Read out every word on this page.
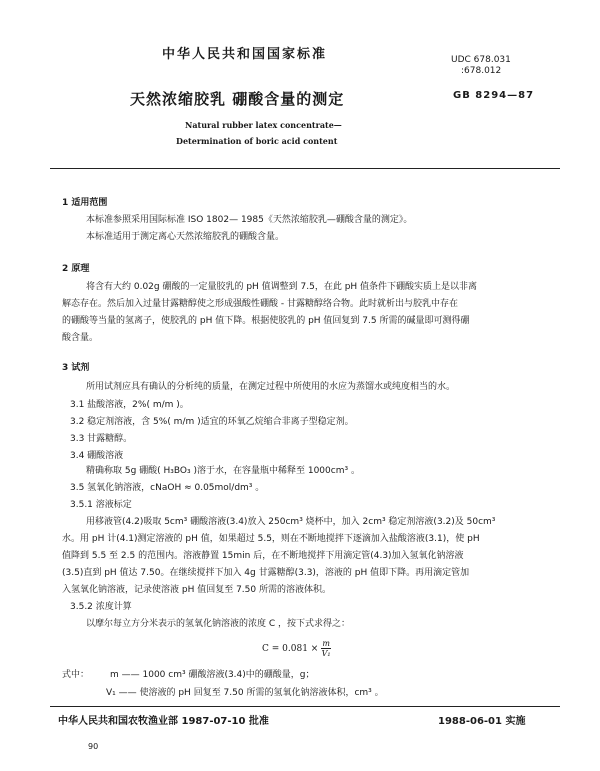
中华人民共和国国家标准	UDC 678.031
:678.012
天然浓缩胶乳 硼酸含量的测定	GB 8294—87
Natural rubber latex concentrate—
Determination of boric acid content
1 适用范围
本标准参照采用国际标准 ISO 1802— 1985《天然浓缩胶乳—硼酸含量的测定》。
本标准适用于测定离心天然浓缩胶乳的硼酸含量。
2 原理
将含有大约 0.02g 硼酸的一定量胶乳的 pH 值调整到 7.5，在此 pH 值条件下硼酸实质上是以非离
解态存在。然后加入过量甘露糖醇使之形成强酸性硼酸 - 甘露糖醇络合物。此时就析出与胶乳中存在
的硼酸等当量的氢离子，使胶乳的 pH 值下降。根据使胶乳的 pH 值回复到 7.5 所需的碱量即可测得硼
酸含量。
3 试剂
所用试剂应具有确认的分析纯的质量，在测定过程中所使用的水应为蒸馏水或纯度相当的水。
3.1 盐酸溶液，2%( m/m )。
3.2 稳定剂溶液，含 5%( m/m )适宜的环氧乙烷缩合非离子型稳定剂。
3.3 甘露糖醇。
3.4 硼酸溶液
精确称取 5g 硼酸( H₃BO₃ )溶于水，在容量瓶中稀释至 1000cm³ 。
3.5 氢氧化钠溶液，cNaOH ≈ 0.05mol/dm³ 。
3.5.1 溶液标定
用移液管(4.2)吸取 5cm³ 硼酸溶液(3.4)放入 250cm³ 烧杯中，加入 2cm³ 稳定剂溶液(3.2)及 50cm³
水。用 pH 计(4.1)测定溶液的 pH 值，如果超过 5.5，则在不断地搅拌下逐滴加入盐酸溶液(3.1)，使 pH
值降到 5.5 至 2.5 的范围内。溶液静置 15min 后，在不断地搅拌下用滴定管(4.3)加入氢氧化钠溶液
(3.5)直到 pH 值达 7.50。在继续搅拌下加入 4g 甘露糖醇(3.3)，溶液的 pH 值即下降。再用滴定管加
入氢氧化钠溶液，记录使溶液 pH 值回复至 7.50 所需的溶液体积。
3.5.2 浓度计算
以摩尔每立方分米表示的氢氧化钠溶液的浓度 C ，按下式求得之：
$C = 0.081 \times \frac{m}{\text{V₁}}$
式中： m —— 1000 cm³ 硼酸溶液(3.4)中的硼酸量，g；
V₁ —— 使溶液的 pH 回复至 7.50 所需的氢氧化钠溶液体积，cm³ 。
中华人民共和国农牧渔业部 1987-07-10 批准	1988-06-01 实施
90
